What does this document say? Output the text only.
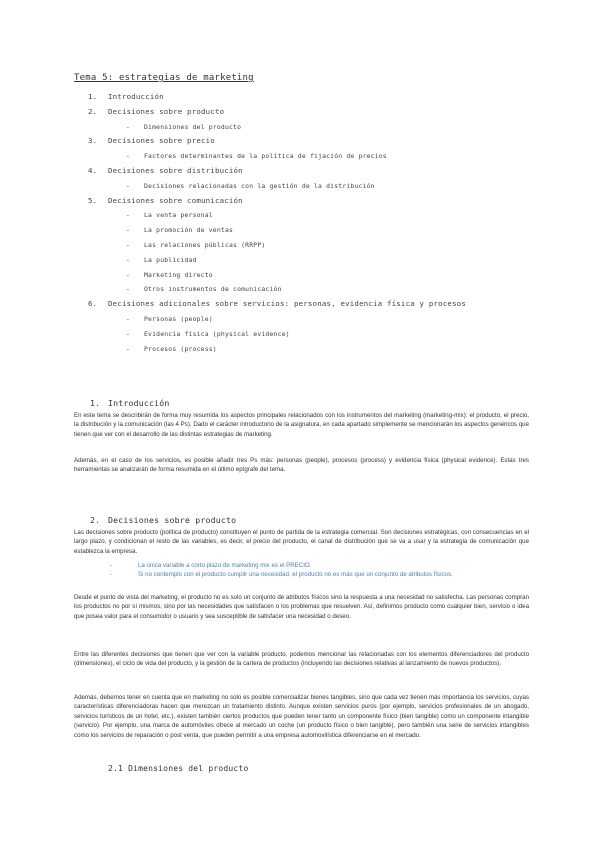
Tema 5: estrategias de marketing
1. Introducción
2. Decisiones sobre producto
- Dimensiones del producto
3. Decisiones sobre precio
- Factores determinantes de la política de fijación de precios
4. Decisiones sobre distribución
- Decisiones relacionadas con la gestión de la distribución
5. Decisiones sobre comunicación
- La venta personal
- La promoción de ventas
- Las relaciones públicas (RRPP)
- La publicidad
- Marketing directo
- Otros instrumentos de comunicación
6. Decisiones adicionales sobre servicios: personas, evidencia física y procesos
- Personas (people)
- Evidencia física (physical evidence)
- Procesos (process)
1. Introducción
En este tema se describirán de forma muy resumida los aspectos principales relacionados con los instrumentos del marketing (marketing-mix): el producto, el precio, la distribución y la comunicación (las 4 Ps). Dado el carácter introductorio de la asignatura, en cada apartado simplemente se mencionarán los aspectos genéricos que tienen que ver con el desarrollo de las distintas estrategias de marketing.
Además, en el caso de los servicios, es posible añadir tres Ps más: personas (people), procesos (process) y evidencia física (physical evidence). Estas tres herramientas se analizarán de forma resumida en el último epígrafe del tema.
2. Decisiones sobre producto
Las decisiones sobre producto (política de producto) constituyen el punto de partida de la estrategia comercial. Son decisiones estratégicas, con consecuencias en el largo plazo, y condicionan el resto de las variables, es decir, el precio del producto, el canal de distribución que se va a usar y la estrategia de comunicación que establezca la empresa.
-	La única variable a corto plazo de marketing mix es el PRECIO.
-	Si no contemplo con el producto cumplir una necesidad, el producto no es más que un conjunto de atributos físicos.
Desde el punto de vista del marketing, el producto no es solo un conjunto de atributos físicos sino la respuesta a una necesidad no satisfecha. Las personas compran los productos no por sí mismos, sino por las necesidades que satisfacen o los problemas que resuelven. Así, definimos producto como cualquier bien, servicio o idea que posea valor para el consumidor o usuario y sea susceptible de satisfacer una necesidad o deseo.
Entre las diferentes decisiones que tienen que ver con la variable producto, podemos mencionar las relacionadas con los elementos diferenciadores del producto (dimensiones), el ciclo de vida del producto, y la gestión de la cartera de productos (incluyendo las decisiones relativas al lanzamiento de nuevos productos).
Además, debemos tener en cuenta que en marketing no solo es posible comercializar bienes tangibles, sino que cada vez tienen más importancia los servicios, cuyas características diferenciadoras hacen que merezcan un tratamiento distinto. Aunque existen servicios puros (por ejemplo, servicios profesionales de un abogado, servicios turísticos de un hotel, etc.), existen también ciertos productos que pueden tener tanto un componente físico (bien tangible) como un componente intangible (servicio). Por ejemplo, una marca de automóviles ofrece al mercado un coche (un producto físico o bien tangible), pero también una serie de servicios intangibles como los servicios de reparación o post venta, que pueden permitir a una empresa automovilística diferenciarse en el mercado.
2.1 Dimensiones del producto
